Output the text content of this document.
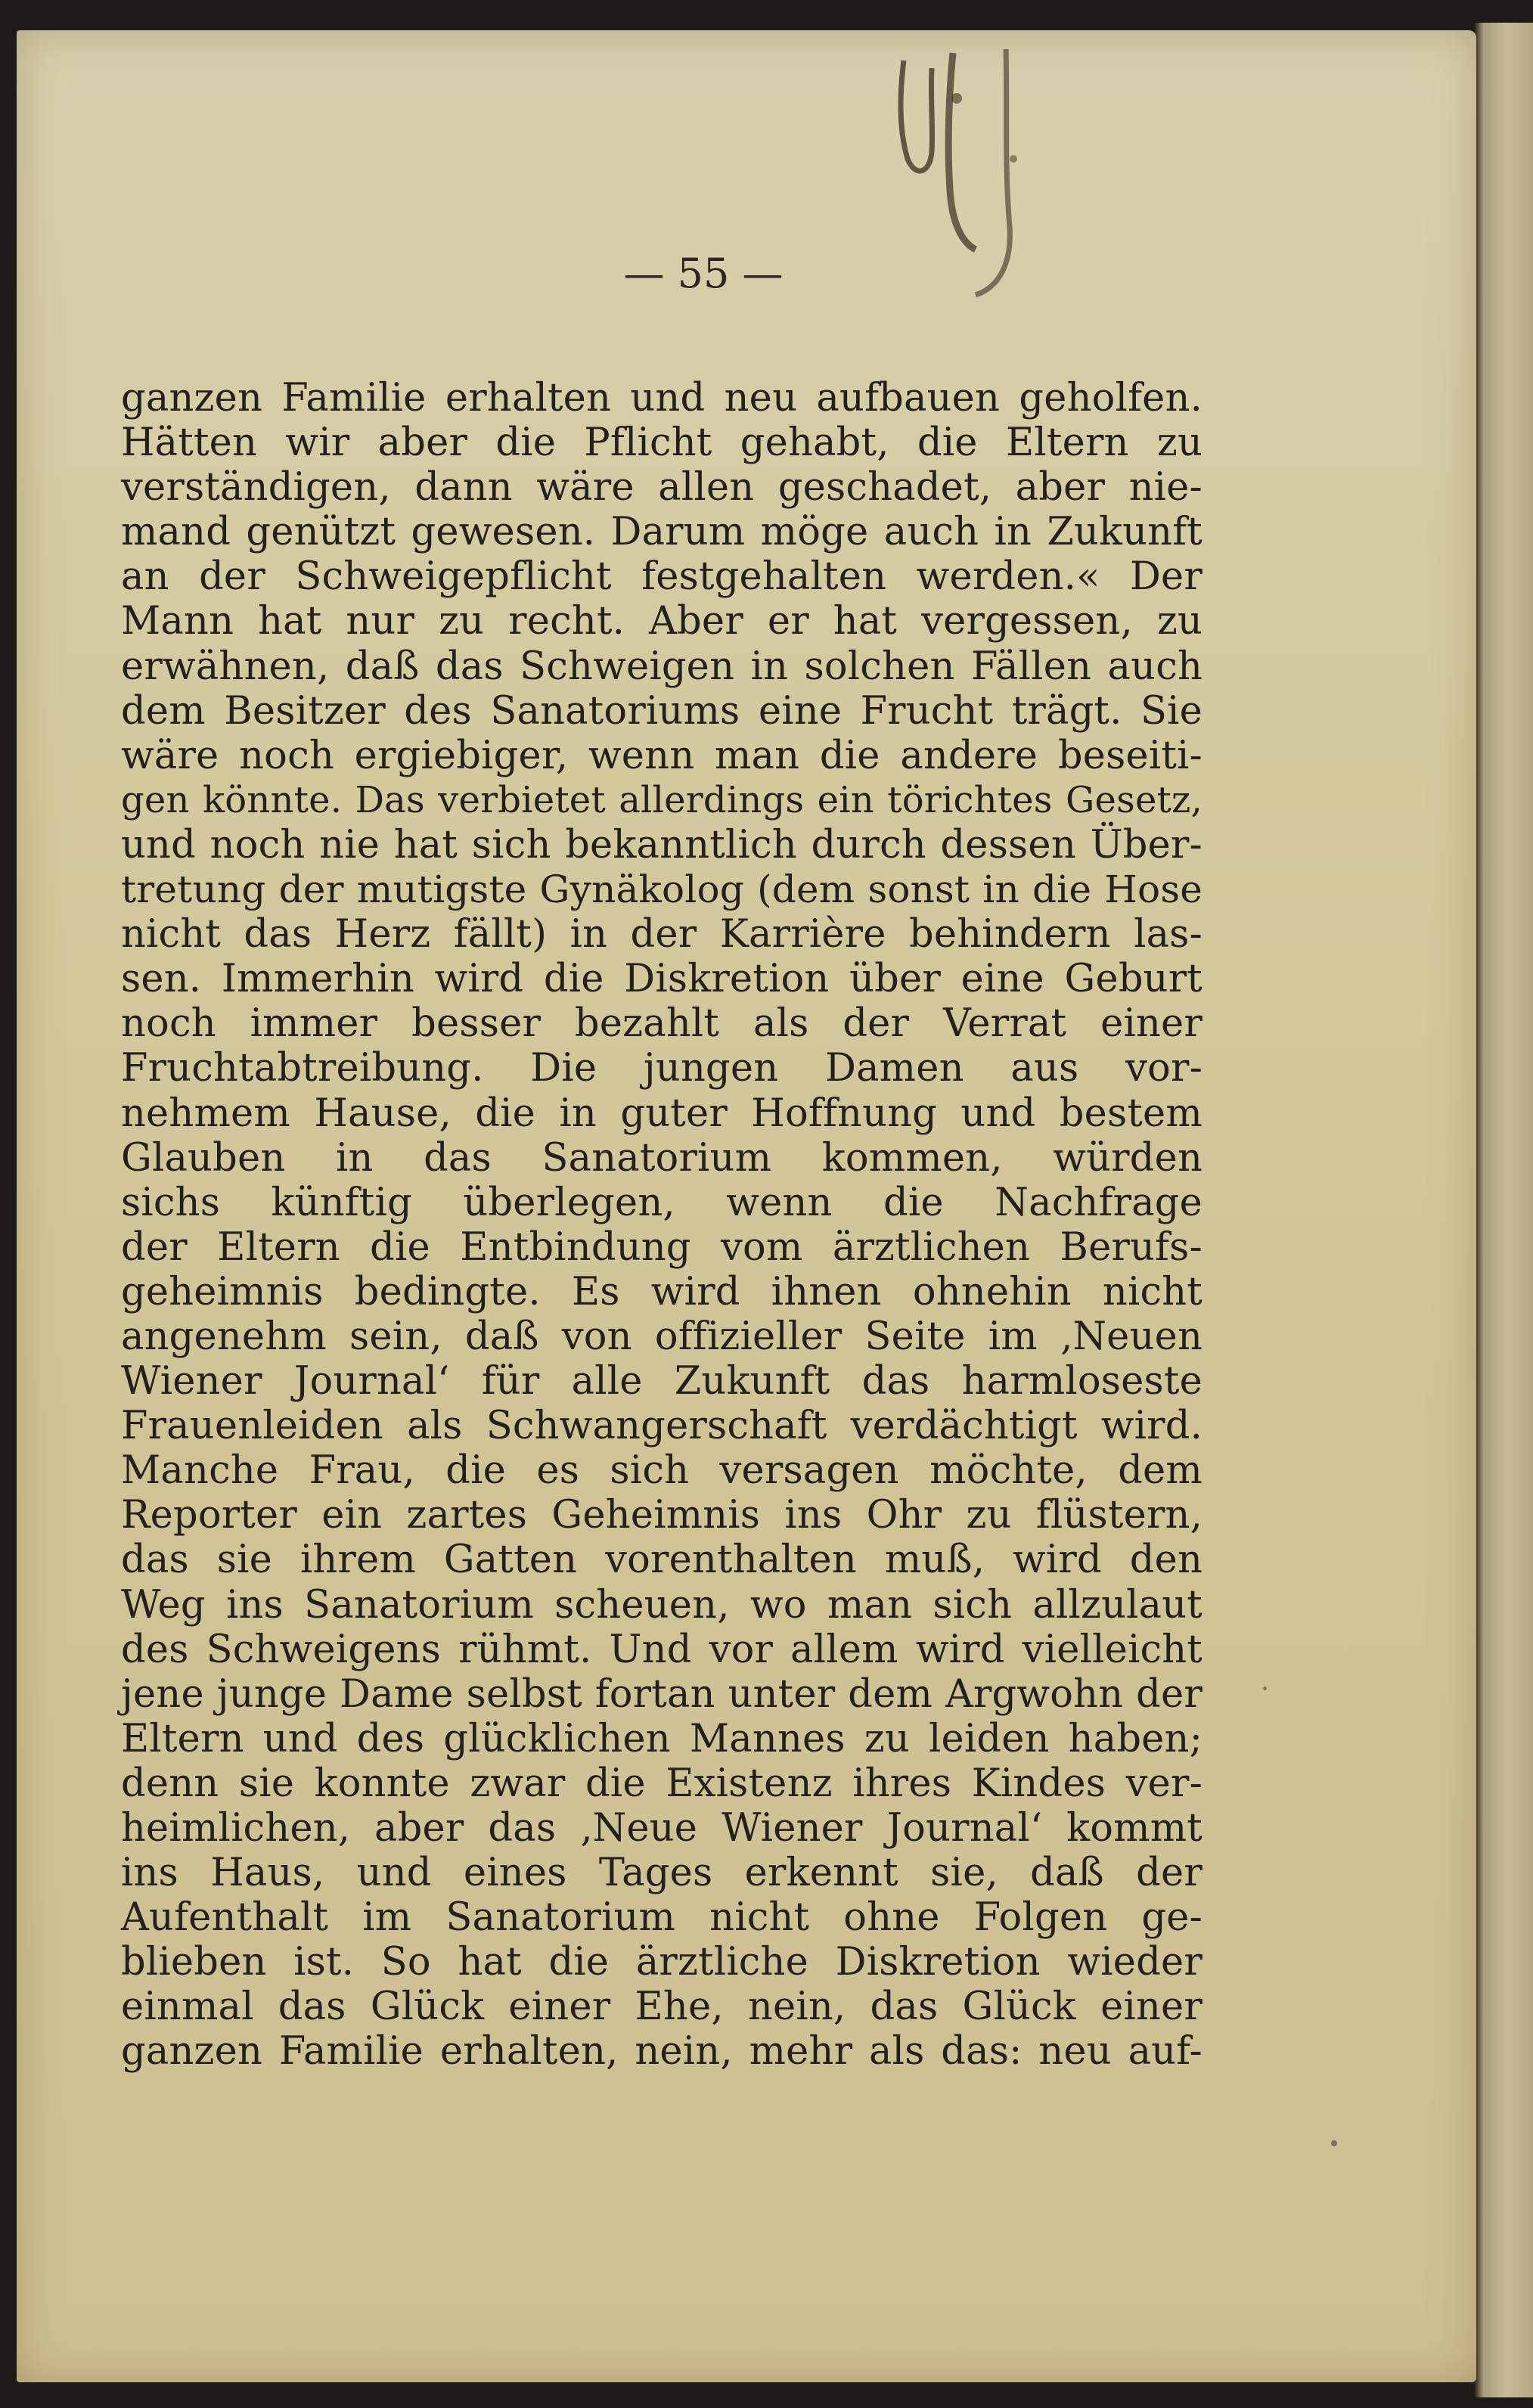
— 55 —
ganzen Familie erhalten und neu aufbauen geholfen.
Hätten wir aber die Pflicht gehabt, die Eltern zu
verständigen, dann wäre allen geschadet, aber nie-
mand genützt gewesen. Darum möge auch in Zukunft
an der Schweigepflicht festgehalten werden.« Der
Mann hat nur zu recht. Aber er hat vergessen, zu
erwähnen, daß das Schweigen in solchen Fällen auch
dem Besitzer des Sanatoriums eine Frucht trägt. Sie
wäre noch ergiebiger, wenn man die andere beseiti-
gen könnte. Das verbietet allerdings ein törichtes Gesetz,
und noch nie hat sich bekanntlich durch dessen Über-
tretung der mutigste Gynäkolog (dem sonst in die Hose
nicht das Herz fällt) in der Karrière behindern las-
sen. Immerhin wird die Diskretion über eine Geburt
noch immer besser bezahlt als der Verrat einer
Fruchtabtreibung. Die jungen Damen aus vor-
nehmem Hause, die in guter Hoffnung und bestem
Glauben in das Sanatorium kommen, würden
sichs künftig überlegen, wenn die Nachfrage
der Eltern die Entbindung vom ärztlichen Berufs-
geheimnis bedingte. Es wird ihnen ohnehin nicht
angenehm sein, daß von offizieller Seite im ‚Neuen
Wiener Journal‘ für alle Zukunft das harmloseste
Frauenleiden als Schwangerschaft verdächtigt wird.
Manche Frau, die es sich versagen möchte, dem
Reporter ein zartes Geheimnis ins Ohr zu flüstern,
das sie ihrem Gatten vorenthalten muß, wird den
Weg ins Sanatorium scheuen, wo man sich allzulaut
des Schweigens rühmt. Und vor allem wird vielleicht
jene junge Dame selbst fortan unter dem Argwohn der
Eltern und des glücklichen Mannes zu leiden haben;
denn sie konnte zwar die Existenz ihres Kindes ver-
heimlichen, aber das ‚Neue Wiener Journal‘ kommt
ins Haus, und eines Tages erkennt sie, daß der
Aufenthalt im Sanatorium nicht ohne Folgen ge-
blieben ist. So hat die ärztliche Diskretion wieder
einmal das Glück einer Ehe, nein, das Glück einer
ganzen Familie erhalten, nein, mehr als das: neu auf-
